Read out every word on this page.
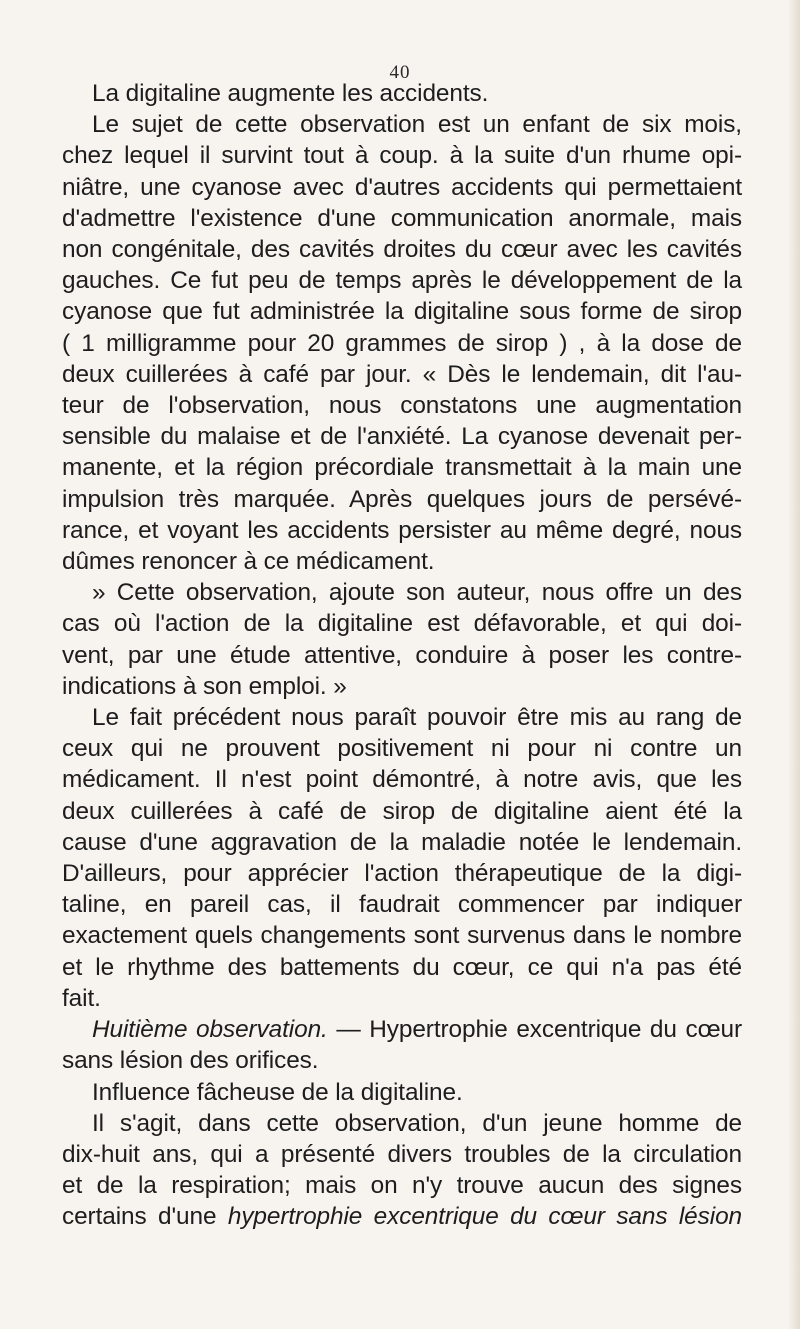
40

La digitaline augmente les accidents.

Le sujet de cette observation est un enfant de six mois,
chez lequel il survint tout à coup. à la suite d'un rhume opi-
niâtre, une cyanose avec d'autres accidents qui permettaient
d'admettre l'existence d'une communication anormale, mais
non congénitale, des cavités droites du cœur avec les cavités
gauches. Ce fut peu de temps après le développement de la
cyanose que fut administrée la digitaline sous forme de sirop
( 1 milligramme pour 20 grammes de sirop ) , à la dose de
deux cuillerées à café par jour. « Dès le lendemain, dit l'au-
teur de l'observation, nous constatons une augmentation
sensible du malaise et de l'anxiété. La cyanose devenait per-
manente, et la région précordiale transmettait à la main une
impulsion très marquée. Après quelques jours de persévé-
rance, et voyant les accidents persister au même degré, nous
dûmes renoncer à ce médicament.

» Cette observation, ajoute son auteur, nous offre un des
cas où l'action de la digitaline est défavorable, et qui doi-
vent, par une étude attentive, conduire à poser les contre-
indications à son emploi. »

Le fait précédent nous paraît pouvoir être mis au rang de
ceux qui ne prouvent positivement ni pour ni contre un
médicament. Il n'est point démontré, à notre avis, que les
deux cuillerées à café de sirop de digitaline aient été la
cause d'une aggravation de la maladie notée le lendemain.
D'ailleurs, pour apprécier l'action thérapeutique de la digi-
taline, en pareil cas, il faudrait commencer par indiquer
exactement quels changements sont survenus dans le nombre
et le rhythme des battements du cœur, ce qui n'a pas été
fait.

Huitième observation. — Hypertrophie excentrique du cœur
sans lésion des orifices.

Influence fâcheuse de la digitaline.

Il s'agit, dans cette observation, d'un jeune homme de
dix-huit ans, qui a présenté divers troubles de la circulation
et de la respiration; mais on n'y trouve aucun des signes
certains d'une hypertrophie excentrique du cœur sans lésion
